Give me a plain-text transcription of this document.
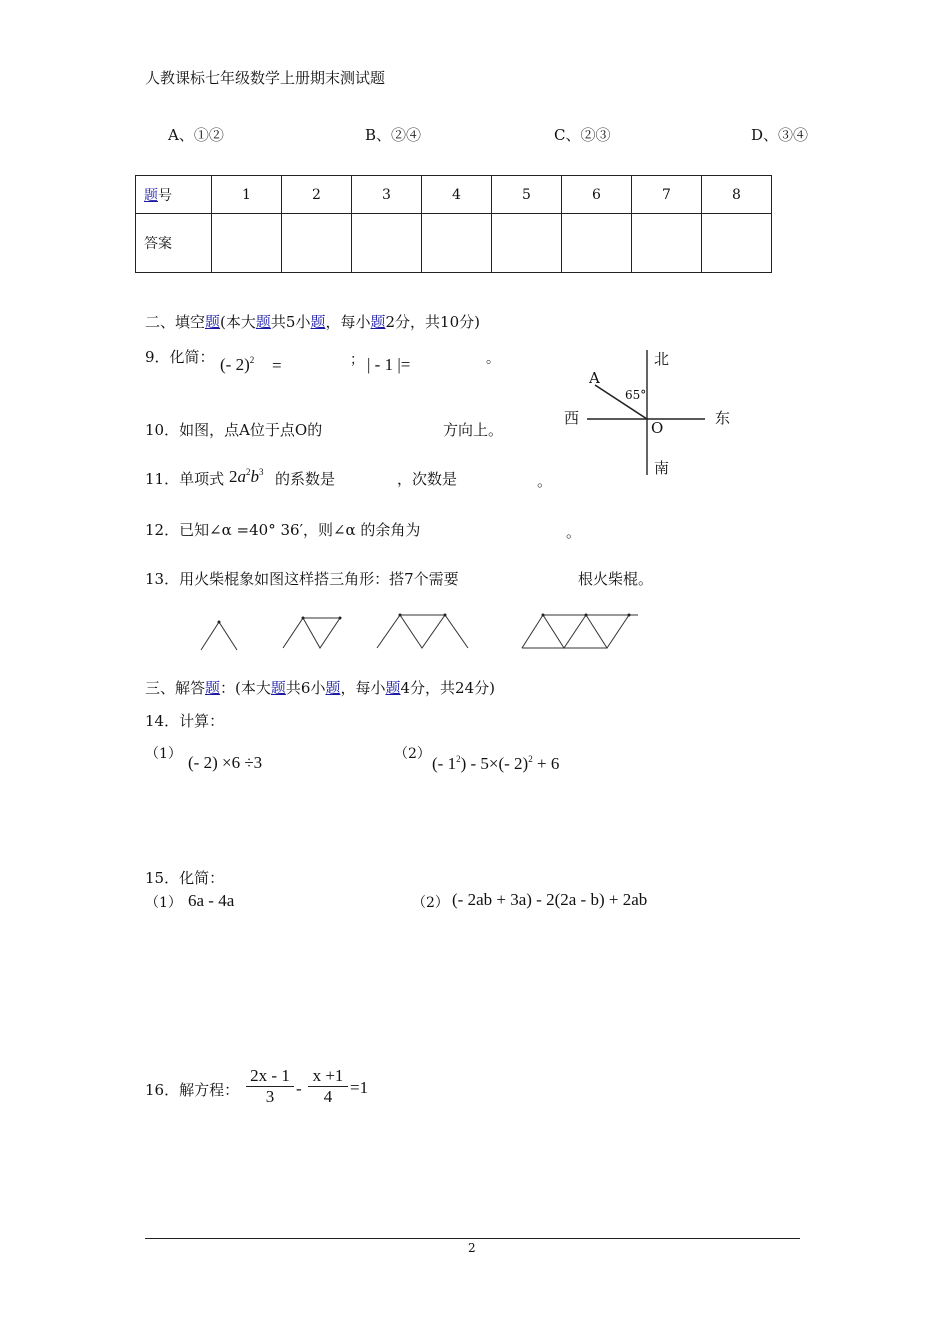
人教课标七年级数学上册期末测试题
A、①②	B、②④	C、②③	D、③④
题号	1	2	3	4	5	6	7	8
答案								
二、填空题(本大题共5小题，每小题2分，共10分)
9．化简： (- 2)$^2$ =	； | - 1 |=	。
10．如图，点A位于点O的	方向上。
北
南
东
西
O
A
65°
11．单项式 $2a^2b^3$ 的系数是	，次数是	。
12．已知∠α =40° 36′，则∠α 的余角为	。
13．用火柴棍象如图这样搭三角形：搭7个需要	根火柴棍。
三、解答题：(本大题共6小题，每小题4分，共24分)
14．计算：
（1） (- 2) ×6 ÷3	（2） (- $1^2) - 5\times(-$ 2)$^2$ + 6
15．化简：
（1） 6a - 4a	（2） (- 2ab + 3a) - 2(2a - b) + 2ab
16．解方程： $\frac{2x - 1}{3} - \frac{x +1}{4} =1$
2
